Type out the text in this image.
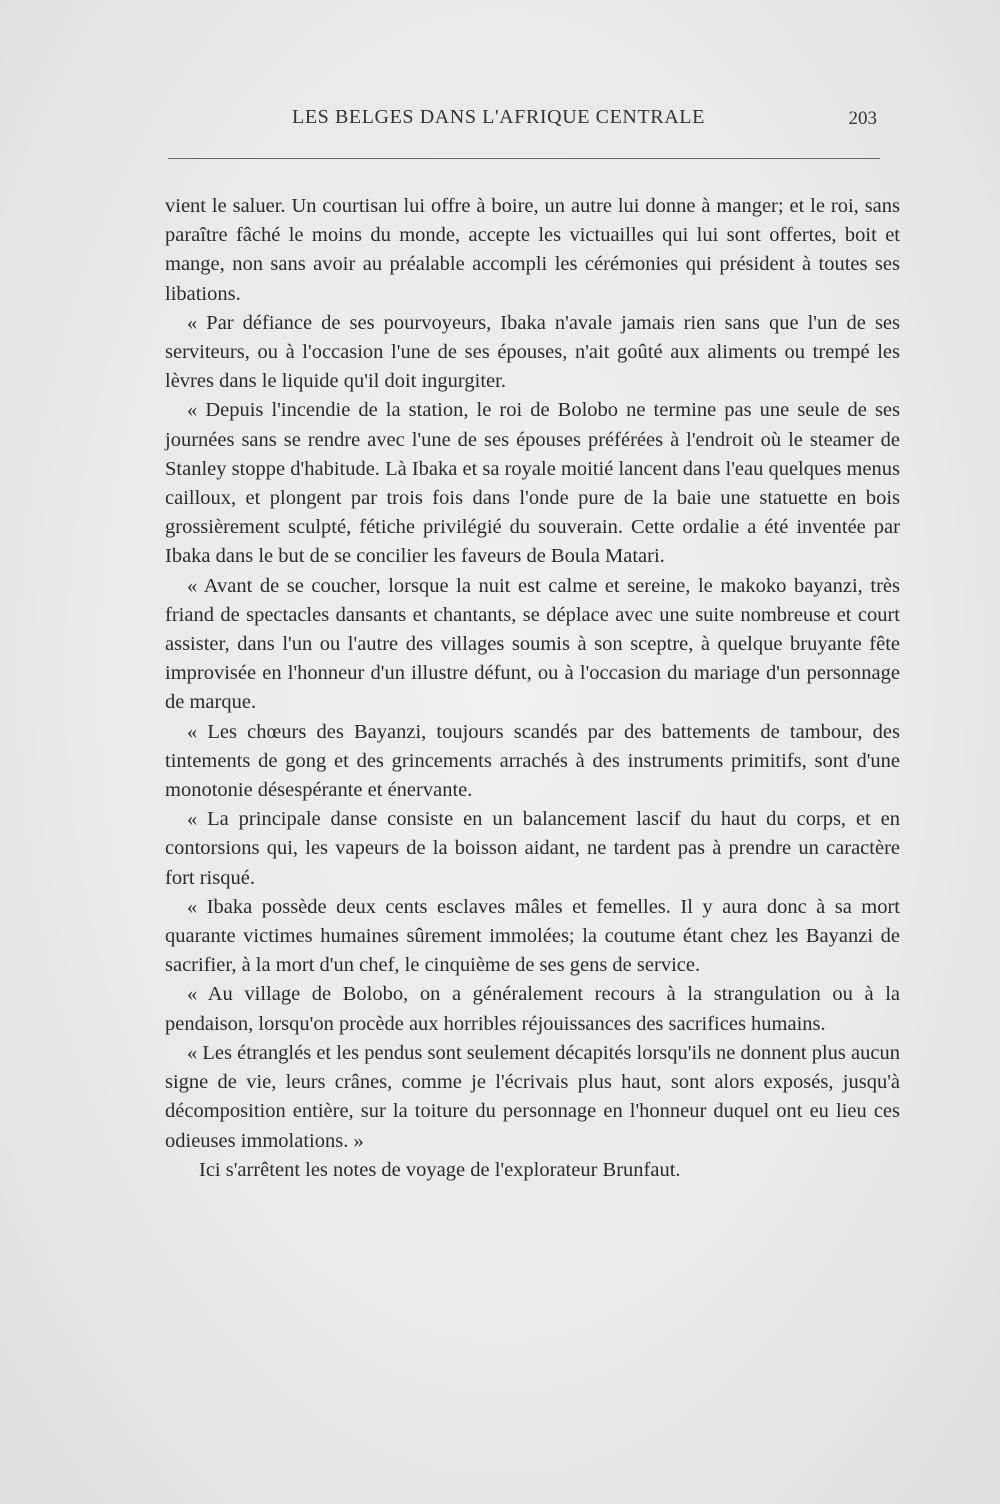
LES BELGES DANS L'AFRIQUE CENTRALE	203

vient le saluer. Un courtisan lui offre à boire, un autre lui donne à manger; et le roi, sans paraître fâché le moins du monde, accepte les victuailles qui lui sont offertes, boit et mange, non sans avoir au préalable accompli les cérémonies qui président à toutes ses libations.

« Par défiance de ses pourvoyeurs, Ibaka n'avale jamais rien sans que l'un de ses serviteurs, ou à l'occasion l'une de ses épouses, n'ait goûté aux aliments ou trempé les lèvres dans le liquide qu'il doit ingurgiter.

« Depuis l'incendie de la station, le roi de Bolobo ne termine pas une seule de ses journées sans se rendre avec l'une de ses épouses préférées à l'endroit où le steamer de Stanley stoppe d'habitude. Là Ibaka et sa royale moitié lancent dans l'eau quelques menus cailloux, et plongent par trois fois dans l'onde pure de la baie une statuette en bois grossièrement sculpté, fétiche privilégié du souverain. Cette ordalie a été inventée par Ibaka dans le but de se concilier les faveurs de Boula Matari.

« Avant de se coucher, lorsque la nuit est calme et sereine, le makoko bayanzi, très friand de spectacles dansants et chantants, se déplace avec une suite nombreuse et court assister, dans l'un ou l'autre des villages soumis à son sceptre, à quelque bruyante fête improvisée en l'honneur d'un illustre défunt, ou à l'occasion du mariage d'un personnage de marque.

« Les chœurs des Bayanzi, toujours scandés par des battements de tambour, des tintements de gong et des grincements arrachés à des instruments primitifs, sont d'une monotonie désespérante et énervante.

« La principale danse consiste en un balancement lascif du haut du corps, et en contorsions qui, les vapeurs de la boisson aidant, ne tardent pas à prendre un caractère fort risqué.

« Ibaka possède deux cents esclaves mâles et femelles. Il y aura donc à sa mort quarante victimes humaines sûrement immolées; la coutume étant chez les Bayanzi de sacrifier, à la mort d'un chef, le cinquième de ses gens de service.

« Au village de Bolobo, on a généralement recours à la strangulation ou à la pendaison, lorsqu'on procède aux horribles réjouissances des sacrifices humains.

« Les étranglés et les pendus sont seulement décapités lorsqu'ils ne donnent plus aucun signe de vie, leurs crânes, comme je l'écrivais plus haut, sont alors exposés, jusqu'à décomposition entière, sur la toiture du personnage en l'honneur duquel ont eu lieu ces odieuses immolations. »

Ici s'arrêtent les notes de voyage de l'explorateur Brunfaut.
